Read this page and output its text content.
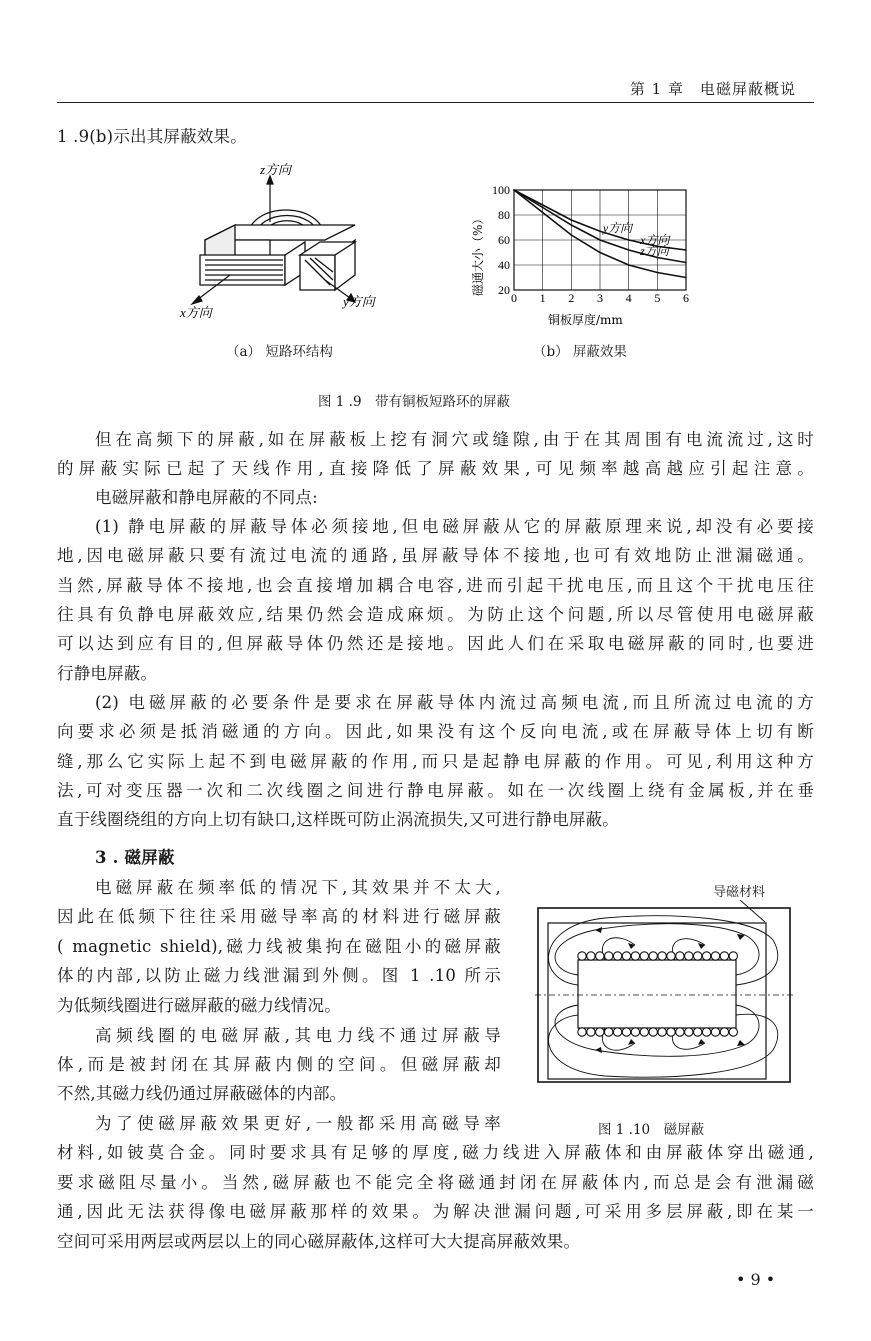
第 1 章　电磁屏蔽概说
1 .9(b)示出其屏蔽效果。
z方向
x方向
y方向
（a） 短路环结构
0 1 2 3 4 5 6
100
80
60
40
20
y方向
x方向
z方向
磁通大小（%）
铜板厚度/mm
（b） 屏蔽效果
图 1 .9　带有铜板短路环的屏蔽
但在高频下的屏蔽,如在屏蔽板上挖有洞穴或缝隙,由于在其周围有电流流过,这时
的屏蔽实际已起了天线作用,直接降低了屏蔽效果,可见频率越高越应引起注意。
电磁屏蔽和静电屏蔽的不同点:
(1) 静电屏蔽的屏蔽导体必须接地,但电磁屏蔽从它的屏蔽原理来说,却没有必要接
地,因电磁屏蔽只要有流过电流的通路,虽屏蔽导体不接地,也可有效地防止泄漏磁通。
当然,屏蔽导体不接地,也会直接增加耦合电容,进而引起干扰电压,而且这个干扰电压往
往具有负静电屏蔽效应,结果仍然会造成麻烦。为防止这个问题,所以尽管使用电磁屏蔽
可以达到应有目的,但屏蔽导体仍然还是接地。因此人们在采取电磁屏蔽的同时,也要进
行静电屏蔽。
(2) 电磁屏蔽的必要条件是要求在屏蔽导体内流过高频电流,而且所流过电流的方
向要求必须是抵消磁通的方向。因此,如果没有这个反向电流,或在屏蔽导体上切有断
缝,那么它实际上起不到电磁屏蔽的作用,而只是起静电屏蔽的作用。可见,利用这种方
法,可对变压器一次和二次线圈之间进行静电屏蔽。如在一次线圈上绕有金属板,并在垂
直于线圈绕组的方向上切有缺口,这样既可防止涡流损失,又可进行静电屏蔽。
3 . 磁屏蔽
电磁屏蔽在频率低的情况下,其效果并不太大,
因此在低频下往往采用磁导率高的材料进行磁屏蔽
( magnetic shield),磁力线被集拘在磁阻小的磁屏蔽
体的内部,以防止磁力线泄漏到外侧。图 1 .10 所示
为低频线圈进行磁屏蔽的磁力线情况。
高频线圈的电磁屏蔽,其电力线不通过屏蔽导
体,而是被封闭在其屏蔽内侧的空间。但磁屏蔽却
不然,其磁力线仍通过屏蔽磁体的内部。
为了使磁屏蔽效果更好,一般都采用高磁导率
材料,如铍莫合金。同时要求具有足够的厚度,磁力线进入屏蔽体和由屏蔽体穿出磁通,
要求磁阻尽量小。当然,磁屏蔽也不能完全将磁通封闭在屏蔽体内,而总是会有泄漏磁
通,因此无法获得像电磁屏蔽那样的效果。为解决泄漏问题,可采用多层屏蔽,即在某一
空间可采用两层或两层以上的同心磁屏蔽体,这样可大大提高屏蔽效果。
导磁材料
图 1 .10　磁屏蔽
• 9 •
